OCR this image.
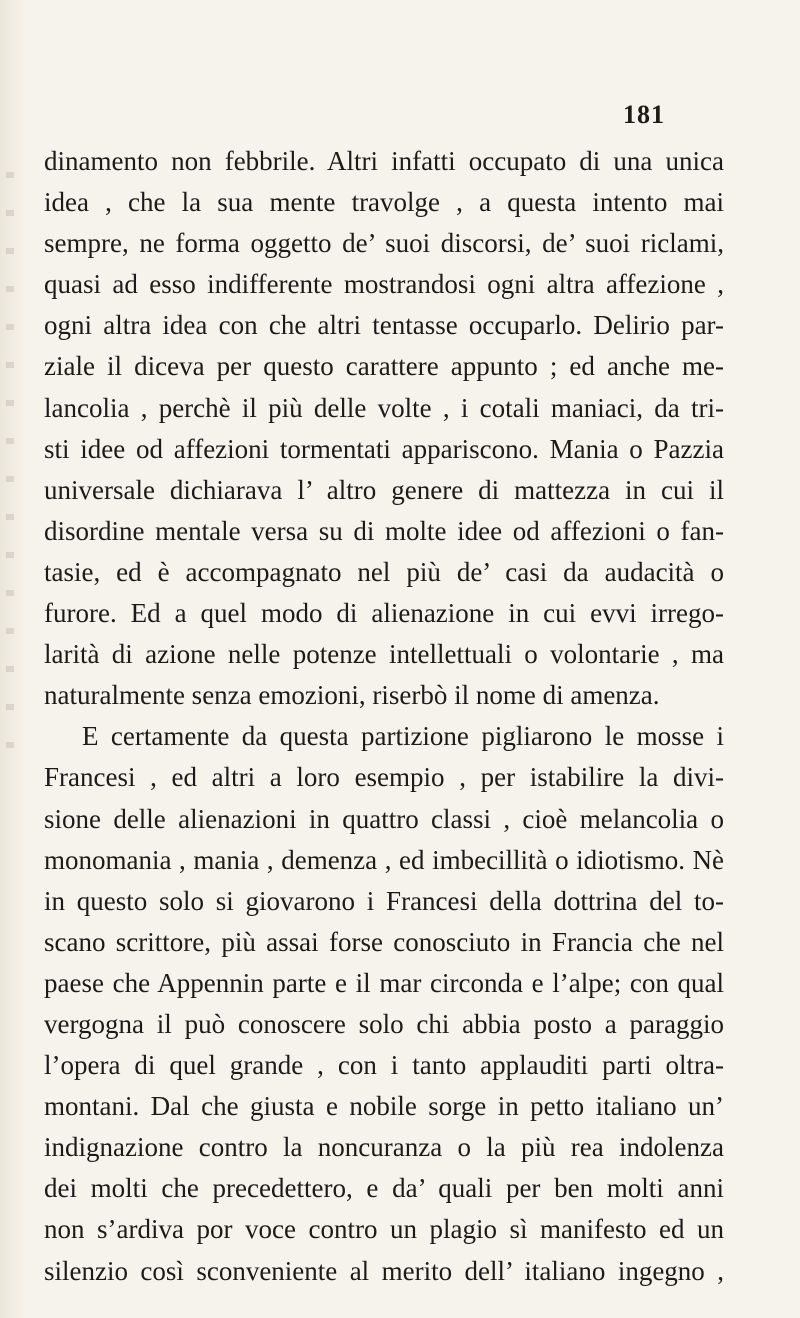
181
dinamento non febbrile. Altri infatti occupato di una unica
idea , che la sua mente travolge , a questa intento mai
sempre, ne forma oggetto de’ suoi discorsi, de’ suoi riclami,
quasi ad esso indifferente mostrandosi ogni altra affezione ,
ogni altra idea con che altri tentasse occuparlo. Delirio par-
ziale il diceva per questo carattere appunto ; ed anche me-
lancolia , perchè il più delle volte , i cotali maniaci, da tri-
sti idee od affezioni tormentati appariscono. Mania o Pazzia
universale dichiarava l’ altro genere di mattezza in cui il
disordine mentale versa su di molte idee od affezioni o fan-
tasie, ed è accompagnato nel più de’ casi da audacità o
furore. Ed a quel modo di alienazione in cui evvi irrego-
larità di azione nelle potenze intellettuali o volontarie , ma
naturalmente senza emozioni, riserbò il nome di amenza.
E certamente da questa partizione pigliarono le mosse i
Francesi , ed altri a loro esempio , per istabilire la divi-
sione delle alienazioni in quattro classi , cioè melancolia o
monomania , mania , demenza , ed imbecillità o idiotismo. Nè
in questo solo si giovarono i Francesi della dottrina del to-
scano scrittore, più assai forse conosciuto in Francia che nel
paese che Appennin parte e il mar circonda e l’alpe; con qual
vergogna il può conoscere solo chi abbia posto a paraggio
l’opera di quel grande , con i tanto applauditi parti oltra-
montani. Dal che giusta e nobile sorge in petto italiano un’
indignazione contro la noncuranza o la più rea indolenza
dei molti che precedettero, e da’ quali per ben molti anni
non s’ardiva por voce contro un plagio sì manifesto ed un
silenzio così sconveniente al merito dell’ italiano ingegno ,
